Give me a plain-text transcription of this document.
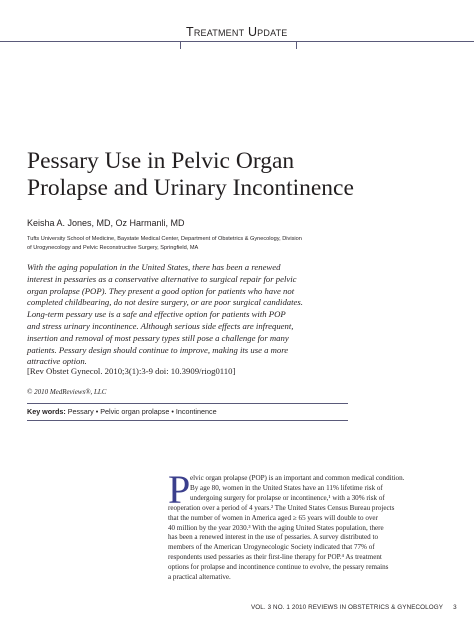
Treatment Update
Pessary Use in Pelvic Organ
Prolapse and Urinary Incontinence
Keisha A. Jones, MD, Oz Harmanli, MD
Tufts University School of Medicine, Baystate Medical Center, Department of Obstetrics & Gynecology, Division
of Urogynecology and Pelvic Reconstructive Surgery, Springfield, MA
With the aging population in the United States, there has been a renewed
interest in pessaries as a conservative alternative to surgical repair for pelvic
organ prolapse (POP). They present a good option for patients who have not
completed childbearing, do not desire surgery, or are poor surgical candidates.
Long-term pessary use is a safe and effective option for patients with POP
and stress urinary incontinence. Although serious side effects are infrequent,
insertion and removal of most pessary types still pose a challenge for many
patients. Pessary design should continue to improve, making its use a more
attractive option.
[Rev Obstet Gynecol. 2010;3(1):3-9 doi: 10.3909/riog0110]
© 2010 MedReviews®, LLC
Key words: Pessary • Pelvic organ prolapse • Incontinence
P elvic organ prolapse (POP) is an important and common medical condition.
By age 80, women in the United States have an 11% lifetime risk of
undergoing surgery for prolapse or incontinence,¹ with a 30% risk of
reoperation over a period of 4 years.² The United States Census Bureau projects
that the number of women in America aged ≥ 65 years will double to over
40 million by the year 2030.³ With the aging United States population, there
has been a renewed interest in the use of pessaries. A survey distributed to
members of the American Urogynecologic Society indicated that 77% of
respondents used pessaries as their first-line therapy for POP.⁴ As treatment
options for prolapse and incontinence continue to evolve, the pessary remains
a practical alternative.
VOL. 3 NO. 1 2010 REVIEWS IN OBSTETRICS & GYNECOLOGY 3
